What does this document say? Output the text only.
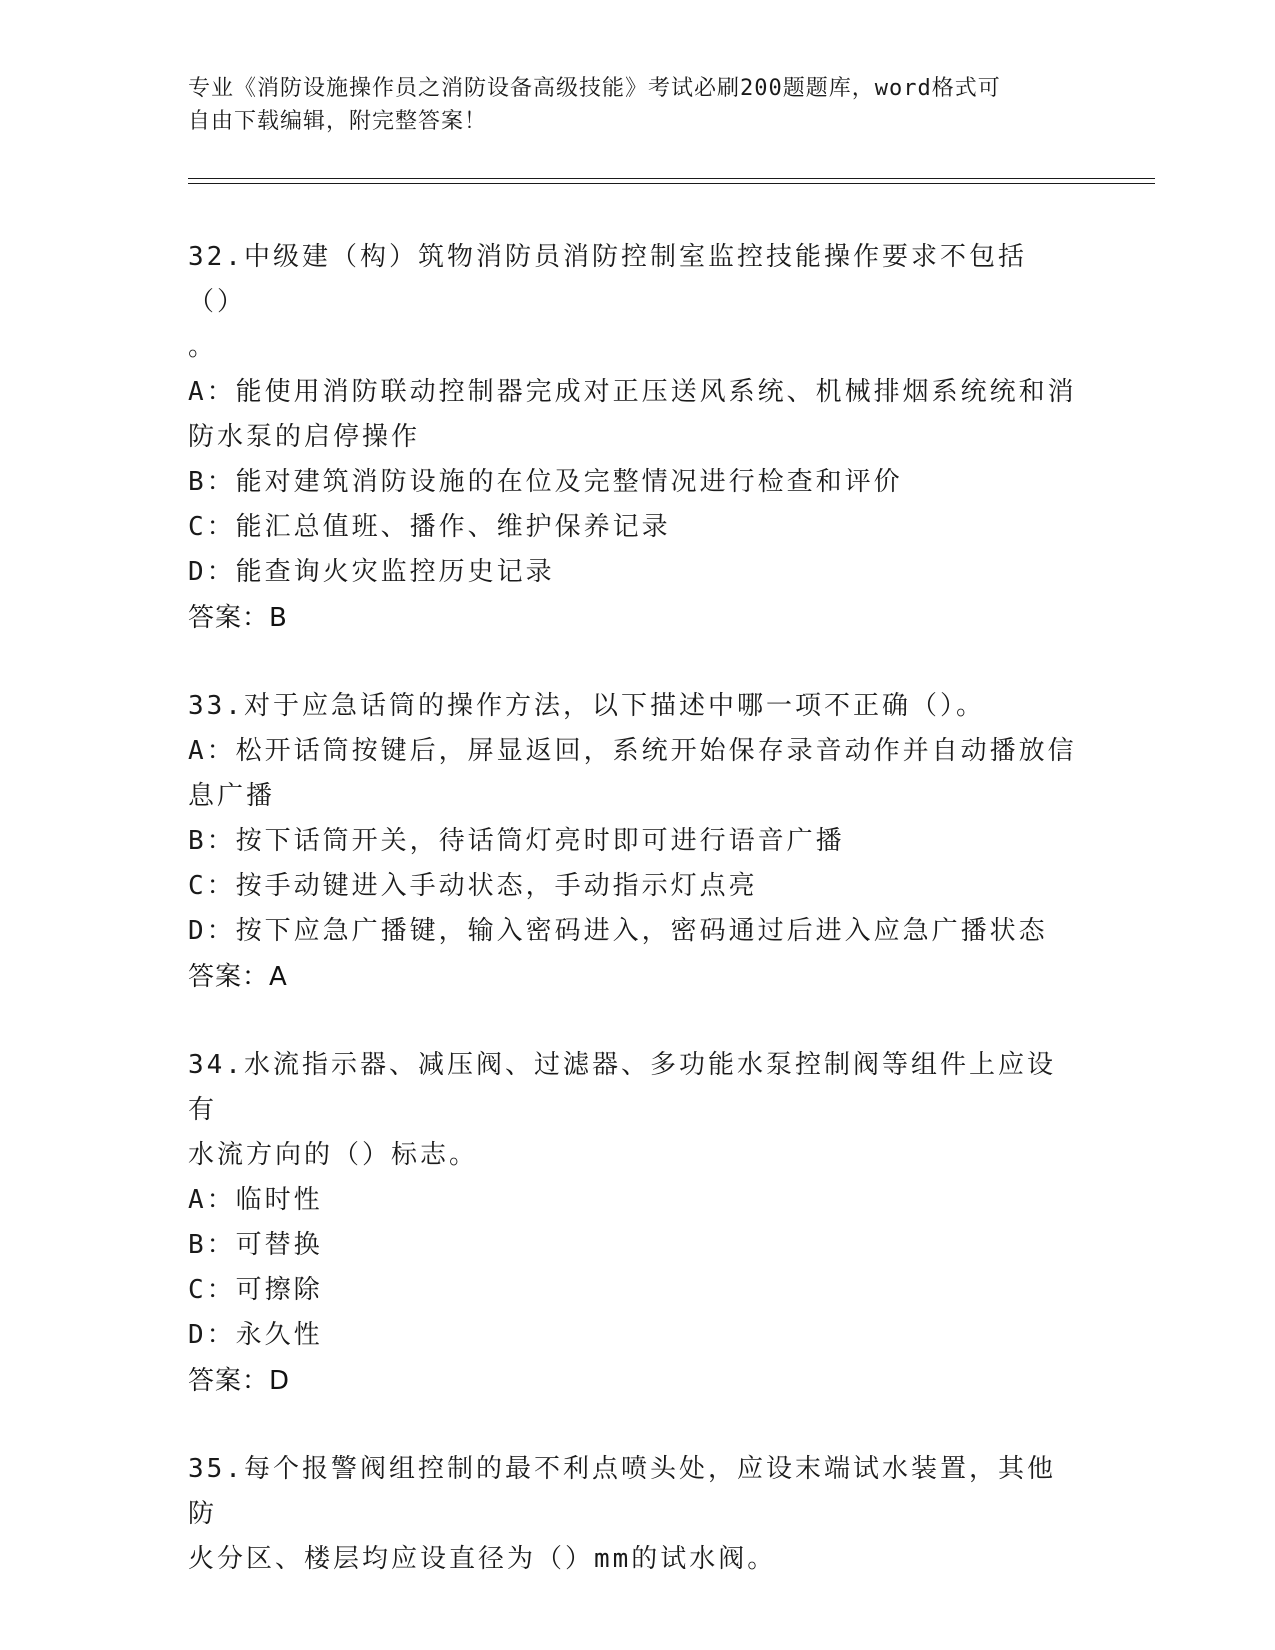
专业《消防设施操作员之消防设备高级技能》考试必刷200题题库，word格式可
自由下载编辑，附完整答案！
32.中级建（构）筑物消防员消防控制室监控技能操作要求不包括（）
。
A：能使用消防联动控制器完成对正压送风系统、机械排烟系统统和消
防水泵的启停操作
B：能对建筑消防设施的在位及完整情况进行检查和评价
C：能汇总值班、播作、维护保养记录
D：能查询火灾监控历史记录
答案：B
33.对于应急话筒的操作方法，以下描述中哪一项不正确（）。
A：松开话筒按键后，屏显返回，系统开始保存录音动作并自动播放信
息广播
B：按下话筒开关，待话筒灯亮时即可进行语音广播
C：按手动键进入手动状态，手动指示灯点亮
D：按下应急广播键，输入密码进入，密码通过后进入应急广播状态
答案：A
34.水流指示器、减压阀、过滤器、多功能水泵控制阀等组件上应设有
水流方向的（）标志。
A：临时性
B：可替换
C：可擦除
D：永久性
答案：D
35.每个报警阀组控制的最不利点喷头处，应设末端试水装置，其他防
火分区、楼层均应设直径为（）mm的试水阀。
